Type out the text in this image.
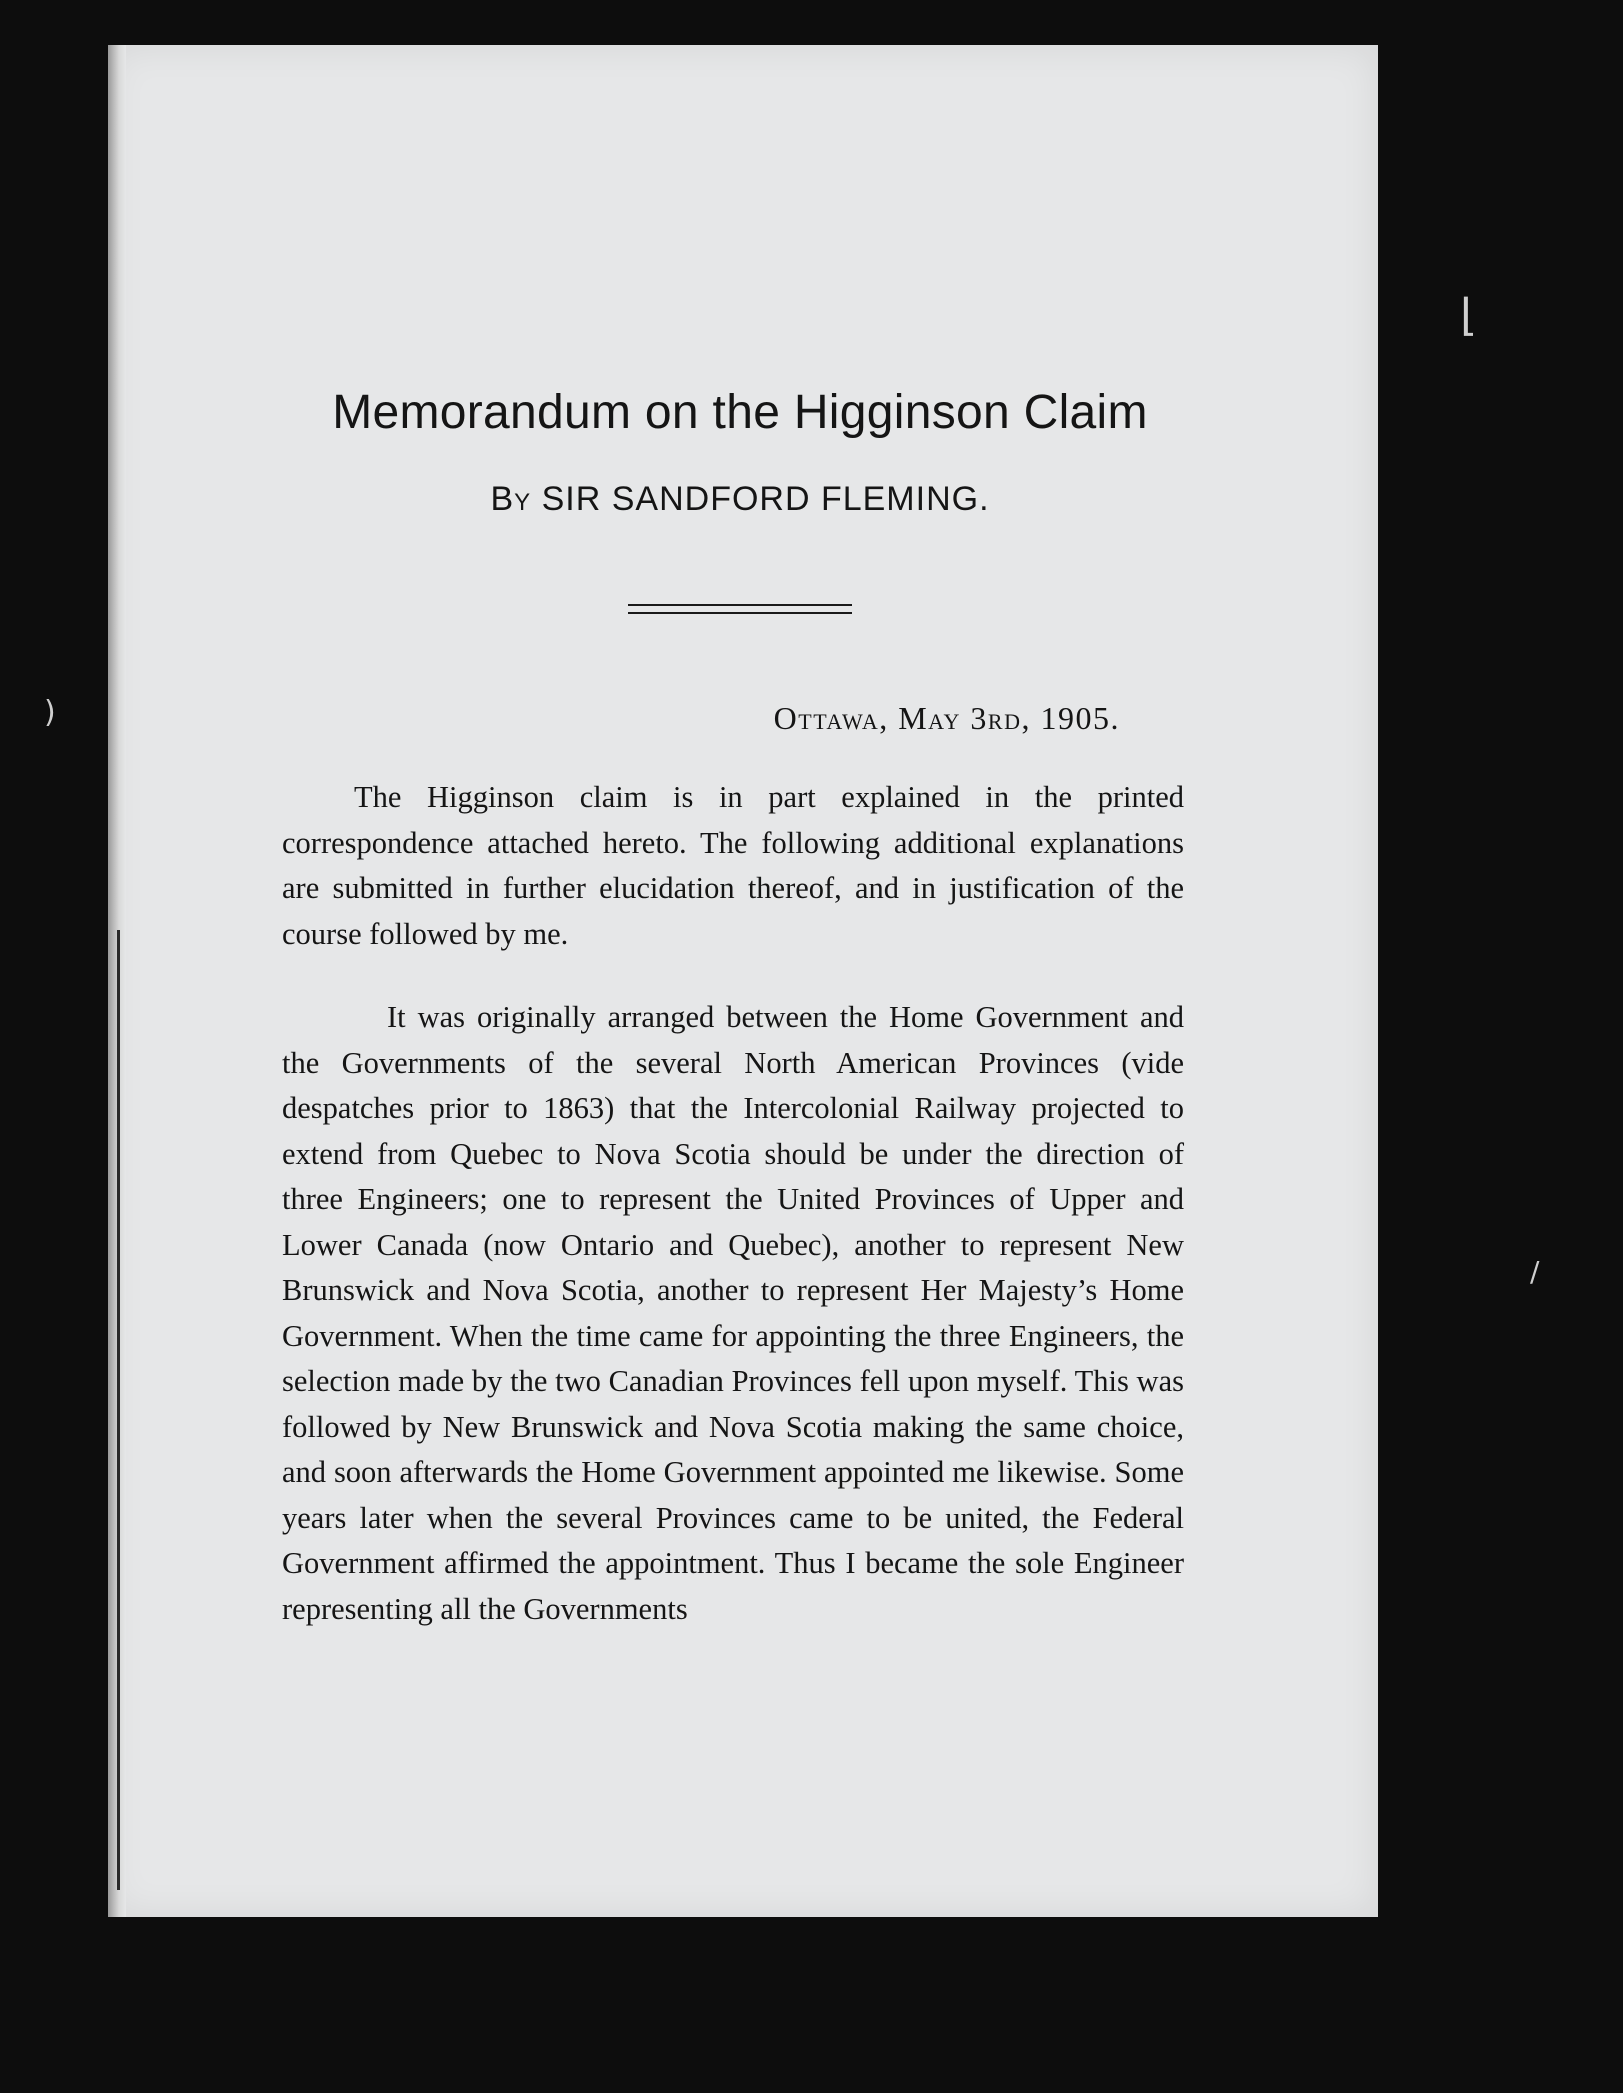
⌊
)
/
Memorandum on the Higginson Claim
By SIR SANDFORD FLEMING.
Ottawa, May 3rd, 1905.

The Higginson claim is in part explained in the printed correspondence attached hereto. The following additional explanations are submitted in further elucidation thereof, and in justification of the course followed by me.

It was originally arranged between the Home Government and the Governments of the several North American Provinces (vide despatches prior to 1863) that the Intercolonial Railway projected to extend from Quebec to Nova Scotia should be under the direction of three Engineers; one to represent the United Provinces of Upper and Lower Canada (now Ontario and Quebec), another to represent New Brunswick and Nova Scotia, another to represent Her Majesty’s Home Government. When the time came for appointing the three Engineers, the selection made by the two Canadian Provinces fell upon myself. This was followed by New Brunswick and Nova Scotia making the same choice, and soon afterwards the Home Government appointed me likewise. Some years later when the several Provinces came to be united, the Federal Government affirmed the appointment. Thus I became the sole Engineer representing all the Governments
